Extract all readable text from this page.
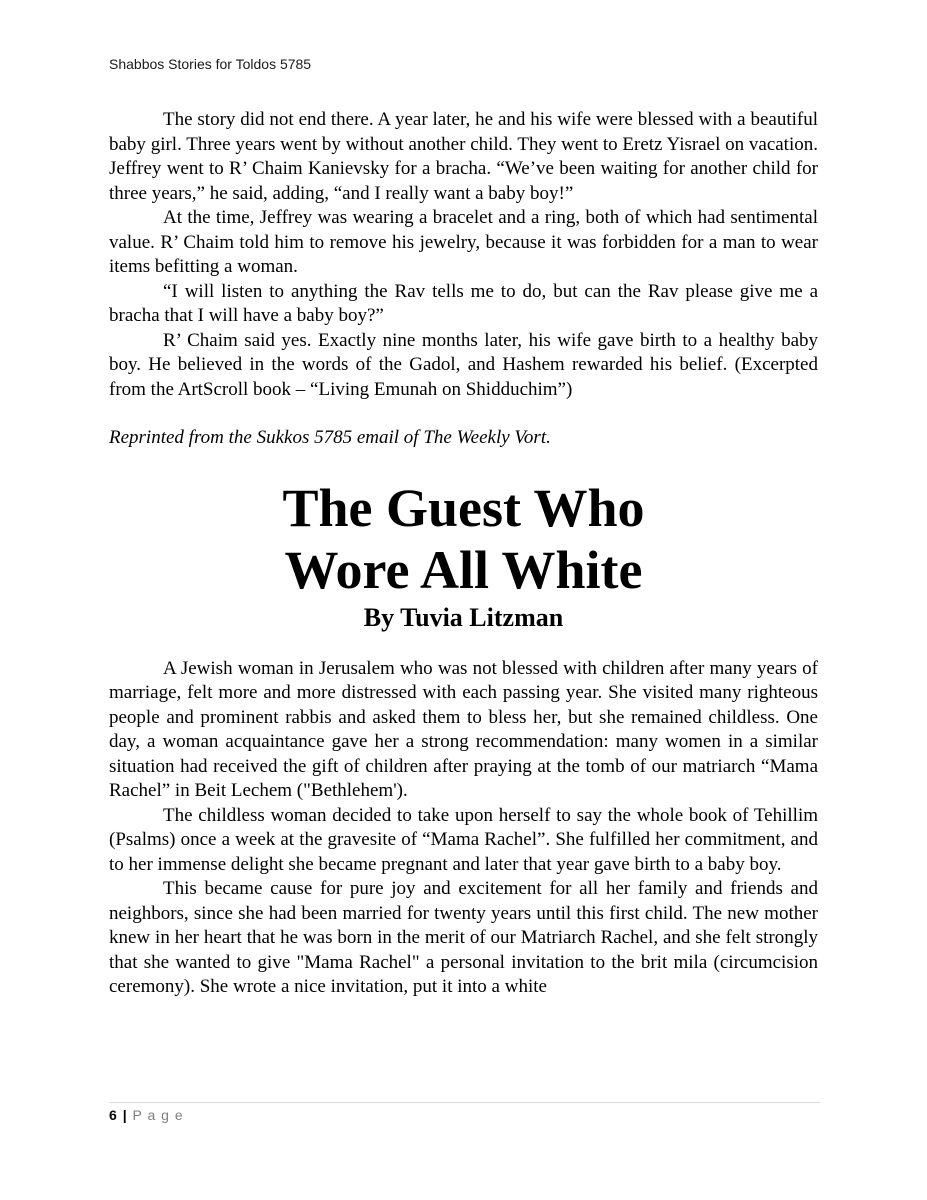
Shabbos Stories for Toldos 5785

The story did not end there. A year later, he and his wife were blessed with a beautiful baby girl. Three years went by without another child. They went to Eretz Yisrael on vacation. Jeffrey went to R’ Chaim Kanievsky for a bracha. “We’ve been waiting for another child for three years,” he said, adding, “and I really want a baby boy!”

At the time, Jeffrey was wearing a bracelet and a ring, both of which had sentimental value. R’ Chaim told him to remove his jewelry, because it was forbidden for a man to wear items befitting a woman.

“I will listen to anything the Rav tells me to do, but can the Rav please give me a bracha that I will have a baby boy?”

R’ Chaim said yes. Exactly nine months later, his wife gave birth to a healthy baby boy. He believed in the words of the Gadol, and Hashem rewarded his belief. (Excerpted from the ArtScroll book – “Living Emunah on Shidduchim”)

Reprinted from the Sukkos 5785 email of The Weekly Vort.

The Guest Who
Wore All White
By Tuvia Litzman

A Jewish woman in Jerusalem who was not blessed with children after many years of marriage, felt more and more distressed with each passing year. She visited many righteous people and prominent rabbis and asked them to bless her, but she remained childless. One day, a woman acquaintance gave her a strong recommendation: many women in a similar situation had received the gift of children after praying at the tomb of our matriarch “Mama Rachel” in Beit Lechem ("Bethlehem').

The childless woman decided to take upon herself to say the whole book of Tehillim (Psalms) once a week at the gravesite of “Mama Rachel”. She fulfilled her commitment, and to her immense delight she became pregnant and later that year gave birth to a baby boy.

This became cause for pure joy and excitement for all her family and friends and neighbors, since she had been married for twenty years until this first child. The new mother knew in her heart that he was born in the merit of our Matriarch Rachel, and she felt strongly that she wanted to give "Mama Rachel" a personal invitation to the brit mila (circumcision ceremony). She wrote a nice invitation, put it into a white

6 | P a g e
